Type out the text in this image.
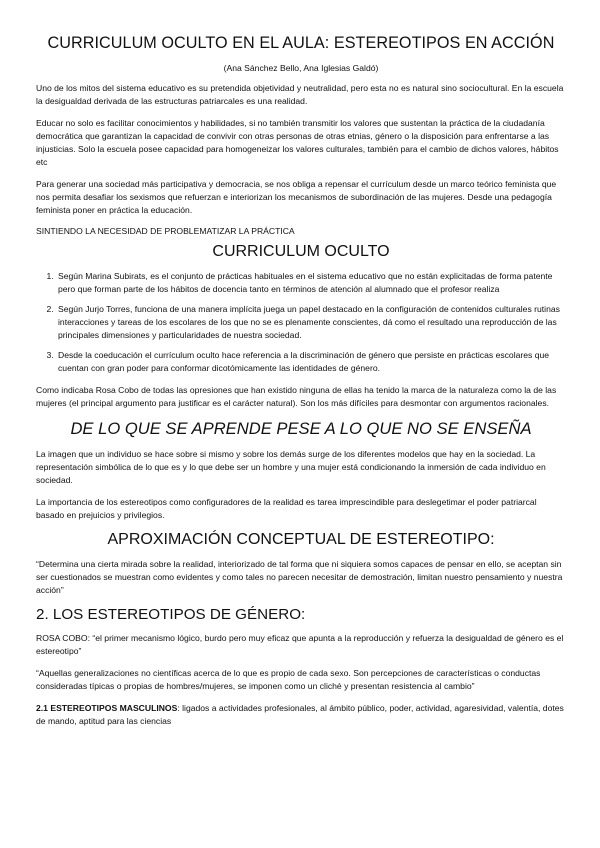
CURRICULUM OCULTO EN EL AULA: ESTEREOTIPOS EN ACCIÓN
(Ana Sánchez Bello, Ana Iglesias Galdó)

Uno de los mitos del sistema educativo es su pretendida objetividad y neutralidad, pero esta no es natural sino sociocultural. En la escuela la desigualdad derivada de las estructuras patriarcales es una realidad.

Educar no solo es facilitar conocimientos y habilidades, si no también transmitir los valores que sustentan la práctica de la ciudadanía democrática que garantizan la capacidad de convivir con otras personas de otras etnias, género o la disposición para enfrentarse a las injusticias. Solo la escuela posee capacidad para homogeneizar los valores culturales, también para el cambio de dichos valores, hábitos etc

Para generar una sociedad más participativa y democracia, se nos obliga a repensar el currículum desde un marco teórico feminista que nos permita desafiar los sexismos que refuerzan e interiorizan los mecanismos de subordinación de las mujeres. Desde una pedagogía feminista poner en práctica la educación.

SINTIENDO LA NECESIDAD DE PROBLEMATIZAR LA PRÁCTICA
CURRICULUM OCULTO
1. Según Marina Subirats, es el conjunto de prácticas habituales en el sistema educativo que no están explicitadas de forma patente pero que forman parte de los hábitos de docencia tanto en términos de atención al alumnado que el profesor realiza
2. Según Jurjo Torres, funciona de una manera implícita juega un papel destacado en la configuración de contenidos culturales rutinas interacciones y tareas de los escolares de los que no se es plenamente conscientes, dá como el resultado una reproducción de las principales dimensiones y particularidades de nuestra sociedad.
3. Desde la coeducación el currículum oculto hace referencia a la discriminación de género que persiste en prácticas escolares que cuentan con gran poder para conformar dicotómicamente las identidades de género.

Como indicaba Rosa Cobo de todas las opresiones que han existido ninguna de ellas ha tenido la marca de la naturaleza como la de las mujeres (el principal argumento para justificar es el carácter natural). Son los más difíciles para desmontar con argumentos racionales.

DE LO QUE SE APRENDE PESE A LO QUE NO SE ENSEÑA

La imagen que un individuo se hace sobre si mismo y sobre los demás surge de los diferentes modelos que hay en la sociedad. La representación simbólica de lo que es y lo que debe ser un hombre y una mujer está condicionando la inmersión de cada individuo en sociedad.

La importancia de los estereotipos como configuradores de la realidad es tarea imprescindible para deslegetimar el poder patriarcal basado en prejuicios y privilegios.

APROXIMACIÓN CONCEPTUAL DE ESTEREOTIPO:

“Determina una cierta mirada sobre la realidad, interiorizado de tal forma que ni siquiera somos capaces de pensar en ello, se aceptan sin ser cuestionados se muestran como evidentes y como tales no parecen necesitar de demostración, limitan nuestro pensamiento y nuestra acción”

2. LOS ESTEREOTIPOS DE GÉNERO:

ROSA COBO: “el primer mecanismo lógico, burdo pero muy eficaz que apunta a la reproducción y refuerza la desigualdad de género es el estereotipo”

“Aquellas generalizaciones no científicas acerca de lo que es propio de cada sexo. Son percepciones de características o conductas consideradas típicas o propias de hombres/mujeres, se imponen como un cliché y presentan resistencia al cambio”

2.1 ESTEREOTIPOS MASCULINOS: ligados a actividades profesionales, al ámbito público, poder, actividad, agaresividad, valentía, dotes de mando, aptitud para las ciencias
